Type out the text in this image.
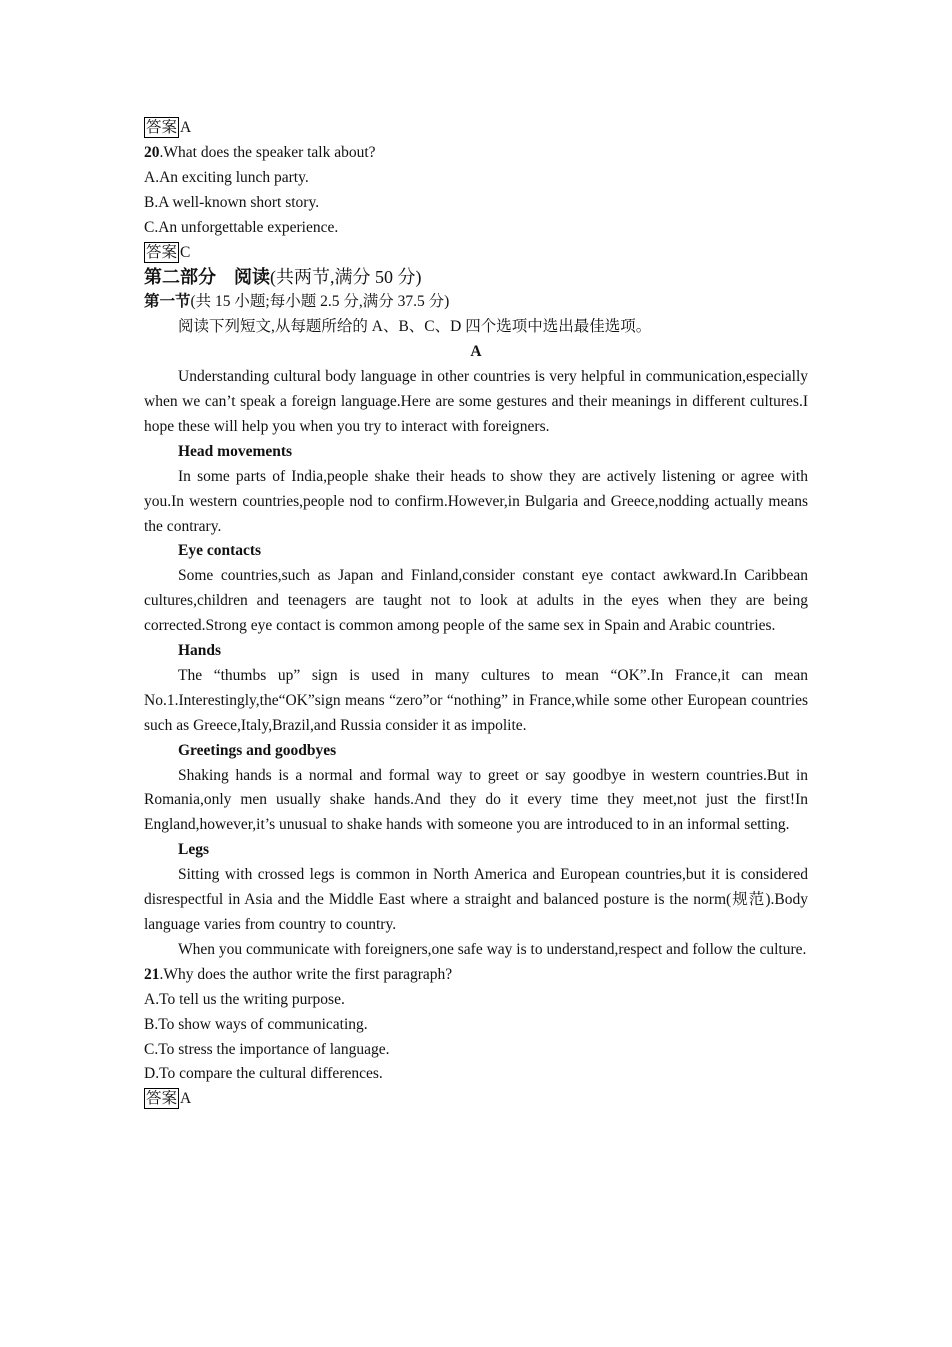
答案 A
20.What does the speaker talk about?
A.An exciting lunch party.
B.A well-known short story.
C.An unforgettable experience.
答案 C
第二部分 阅读(共两节,满分 50 分)
第一节(共 15 小题;每小题 2.5 分,满分 37.5 分)
阅读下列短文,从每题所给的 A、B、C、D 四个选项中选出最佳选项。
A

Understanding cultural body language in other countries is very helpful in communication,especially when we can’t speak a foreign language.Here are some gestures and their meanings in different cultures.I hope these will help you when you try to interact with foreigners.

Head movements

In some parts of India,people shake their heads to show they are actively listening or agree with you.In western countries,people nod to confirm.However,in Bulgaria and Greece,nodding actually means the contrary.

Eye contacts

Some countries,such as Japan and Finland,consider constant eye contact awkward.In Caribbean cultures,children and teenagers are taught not to look at adults in the eyes when they are being corrected.Strong eye contact is common among people of the same sex in Spain and Arabic countries.

Hands

The “thumbs up” sign is used in many cultures to mean “OK”.In France,it can mean No.1.Interestingly,the“OK”sign means “zero”or “nothing” in France,while some other European countries such as Greece,Italy,Brazil,and Russia consider it as impolite.

Greetings and goodbyes

Shaking hands is a normal and formal way to greet or say goodbye in western countries.But in Romania,only men usually shake hands.And they do it every time they meet,not just the first!In England,however,it’s unusual to shake hands with someone you are introduced to in an informal setting.

Legs

Sitting with crossed legs is common in North America and European countries,but it is considered disrespectful in Asia and the Middle East where a straight and balanced posture is the norm(规范).Body language varies from country to country.

When you communicate with foreigners,one safe way is to understand,respect and follow the culture.

21.Why does the author write the first paragraph?
A.To tell us the writing purpose.
B.To show ways of communicating.
C.To stress the importance of language.
D.To compare the cultural differences.
答案 A
